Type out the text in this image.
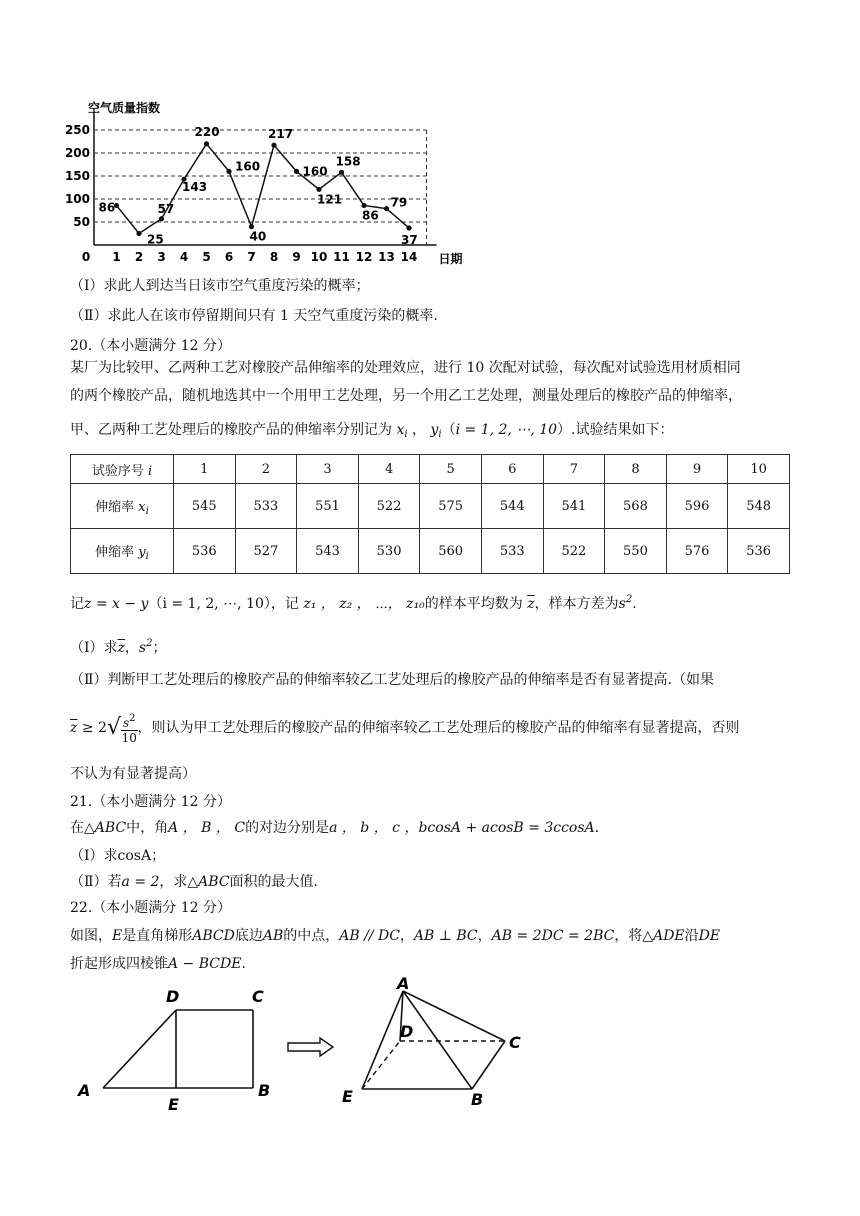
50
100
150
200
250
0 1 2 3 4 5 6 7 8 9 10 11 12 13 14
空气质量指数
日期
86
25
57
143
220
160
40
217
160
121
158
86
79
37
（Ⅰ）求此人到达当日该市空气重度污染的概率；
（Ⅱ）求此人在该市停留期间只有 1 天空气重度污染的概率.
20.（本小题满分 12 分）
某厂为比较甲、乙两种工艺对橡胶产品伸缩率的处理效应，进行 10 次配对试验，每次配对试验选用材质相同
的两个橡胶产品，随机地选其中一个用甲工艺处理，另一个用乙工艺处理，测量处理后的橡胶产品的伸缩率，
甲、乙两种工艺处理后的橡胶产品的伸缩率分别记为 $x_i$ ， $y_i(i = 1$, 2, ⋯, 10）.试验结果如下：
试验序号 i	1	2	3	4	5	6	7	8	9	10
伸缩率 $x_i$	545	533	551	522	575	544	541	568	596	548
伸缩率 $y_i$	536	527	543	530	560	533	522	550	576	536
记z = x − y（i = 1, 2, ⋯, 10），记 z₁ ， z₂ ， ⋯， z₁₀的样本平均数为 $\overline{z}$，样本方差为$s^2$.
（Ⅰ）求$\overline{z}$，$s^2$；
（Ⅱ）判断甲工艺处理后的橡胶产品的伸缩率较乙工艺处理后的橡胶产品的伸缩率是否有显著提高.（如果
$\overline{z} \ge 2√ \frac{s^2}{10}$ ，则认为甲工艺处理后的橡胶产品的伸缩率较乙工艺处理后的橡胶产品的伸缩率有显著提高，否则
不认为有显著提高）
21.（本小题满分 12 分）
在△ABC中，角A ， B ， C的对边分别是a ， b ， c ，bcosA + acosB = 3ccosA.
（Ⅰ）求cosA；
（Ⅱ）若a = 2，求△ABC面积的最大值.
22.（本小题满分 12 分）
如图，E是直角梯形ABCD底边AB的中点，AB // DC，AB ⊥ BC，AB = 2DC = 2BC，将△ADE沿DE
折起形成四棱锥A − BCDE.
A	B
C
D
E
A
B
C
D
E
